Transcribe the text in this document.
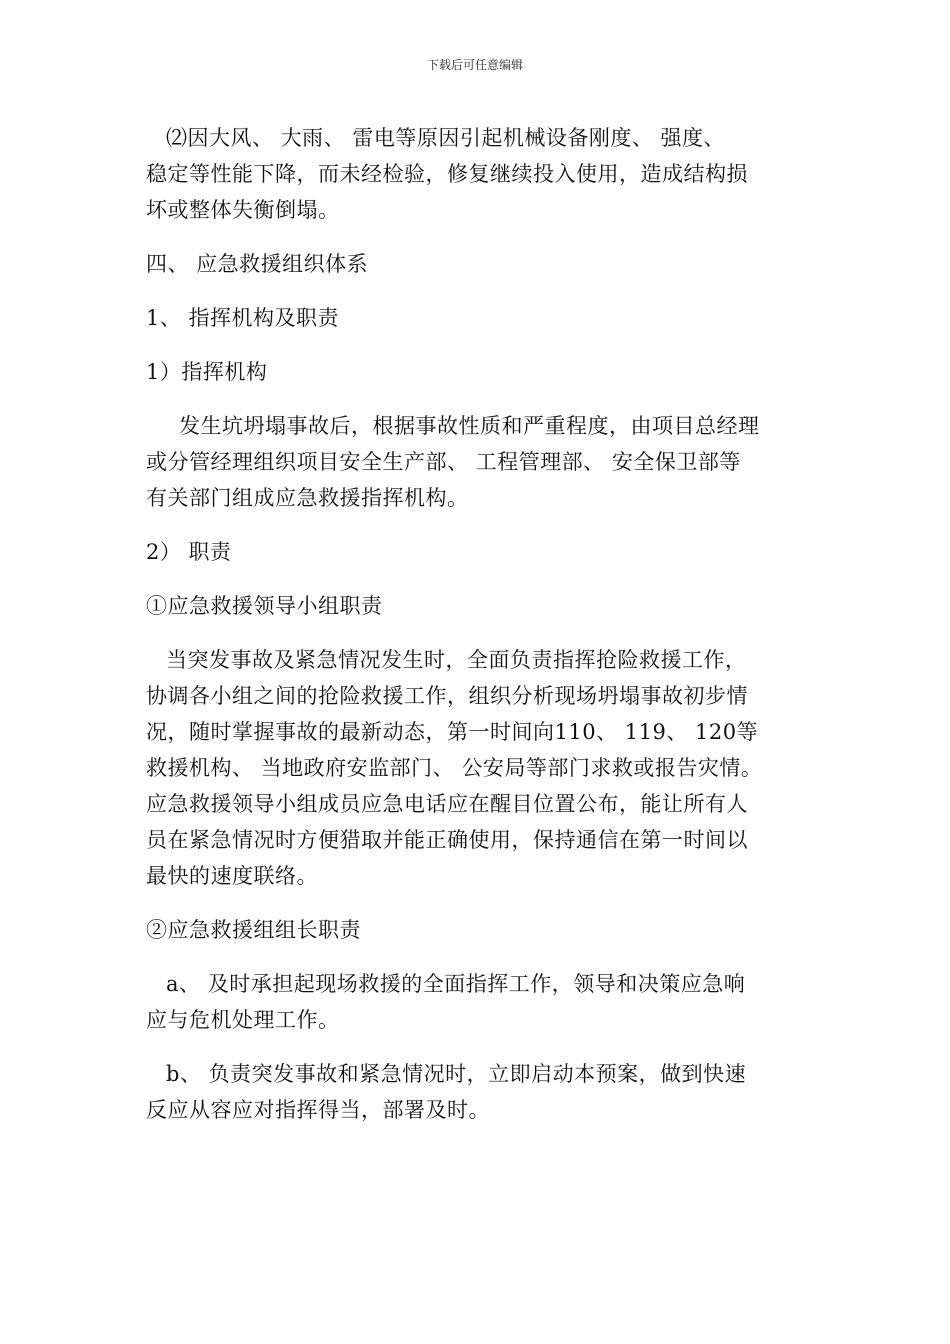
下载后可任意编辑
⑵因大风、 大雨、 雷电等原因引起机械设备刚度、 强度、
稳定等性能下降，而未经检验，修复继续投入使用，造成结构损
坏或整体失衡倒塌。
四、 应急救援组织体系
1、 指挥机构及职责
1）指挥机构
发生坑坍塌事故后，根据事故性质和严重程度，由项目总经理
或分管经理组织项目安全生产部、 工程管理部、 安全保卫部等
有关部门组成应急救援指挥机构。
2） 职责
①应急救援领导小组职责
当突发事故及紧急情况发生时，全面负责指挥抢险救援工作，
协调各小组之间的抢险救援工作，组织分析现场坍塌事故初步情
况，随时掌握事故的最新动态，第一时间向110、 119、 120等
救援机构、 当地政府安监部门、 公安局等部门求救或报告灾情。
应急救援领导小组成员应急电话应在醒目位置公布，能让所有人
员在紧急情况时方便猎取并能正确使用，保持通信在第一时间以
最快的速度联络。
②应急救援组组长职责
a、 及时承担起现场救援的全面指挥工作，领导和决策应急响
应与危机处理工作。
b、 负责突发事故和紧急情况时，立即启动本预案，做到快速
反应从容应对指挥得当，部署及时。
